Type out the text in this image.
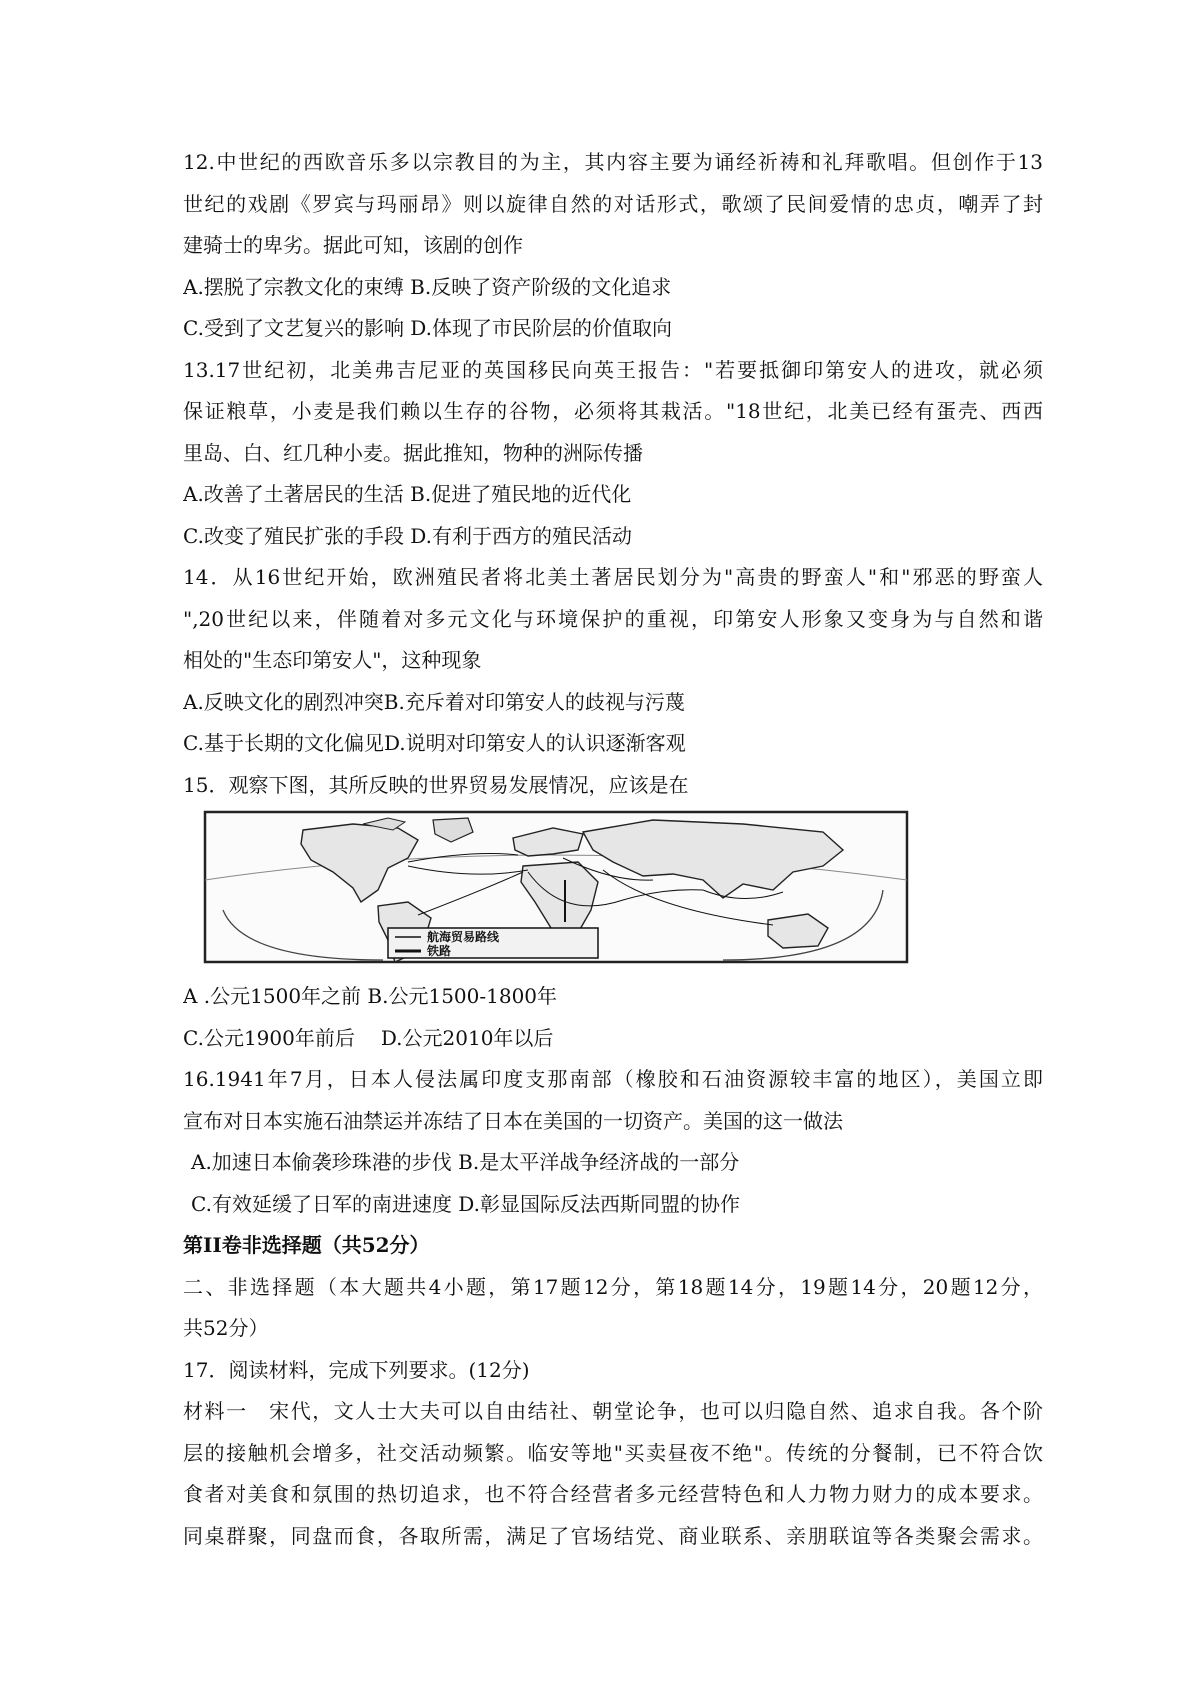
12.中世纪的西欧音乐多以宗教目的为主，其内容主要为诵经祈祷和礼拜歌唱。但创作于13
世纪的戏剧《罗宾与玛丽昂》则以旋律自然的对话形式，歌颂了民间爱情的忠贞，嘲弄了封
建骑士的卑劣。据此可知，该剧的创作
A.摆脱了宗教文化的束缚 B.反映了资产阶级的文化追求
C.受到了文艺复兴的影响 D.体现了市民阶层的价值取向
13.17世纪初，北美弗吉尼亚的英国移民向英王报告："若要抵御印第安人的进攻，就必须
保证粮草，小麦是我们赖以生存的谷物，必须将其栽活。"18世纪，北美已经有蛋壳、西西
里岛、白、红几种小麦。据此推知，物种的洲际传播
A.改善了土著居民的生活 B.促进了殖民地的近代化
C.改变了殖民扩张的手段 D.有利于西方的殖民活动
14．从16世纪开始，欧洲殖民者将北美土著居民划分为"高贵的野蛮人"和"邪恶的野蛮人
",20世纪以来，伴随着对多元文化与环境保护的重视，印第安人形象又变身为与自然和谐
相处的"生态印第安人"，这种现象
A.反映文化的剧烈冲突B.充斥着对印第安人的歧视与污蔑
C.基于长期的文化偏见D.说明对印第安人的认识逐渐客观
15．观察下图，其所反映的世界贸易发展情况，应该是在
航海贸易路线
铁路
A .公元1500年之前 B.公元1500-1800年
C.公元1900年前后 D.公元2010年以后
16.1941年7月，日本人侵法属印度支那南部（橡胶和石油资源较丰富的地区），美国立即
宣布对日本实施石油禁运并冻结了日本在美国的一切资产。美国的这一做法
A.加速日本偷袭珍珠港的步伐 B.是太平洋战争经济战的一部分
C.有效延缓了日军的南进速度 D.彰显国际反法西斯同盟的协作
第II卷非选择题（共52分）
二、非选择题（本大题共4小题，第17题12分，第18题14分，19题14分，20题12分，
共52分）
17．阅读材料，完成下列要求。(12分)
材料一　宋代，文人士大夫可以自由结社、朝堂论争，也可以归隐自然、追求自我。各个阶
层的接触机会增多，社交活动频繁。临安等地"买卖昼夜不绝"。传统的分餐制，已不符合饮
食者对美食和氛围的热切追求，也不符合经营者多元经营特色和人力物力财力的成本要求。
同桌群聚，同盘而食，各取所需，满足了官场结党、商业联系、亲朋联谊等各类聚会需求。
